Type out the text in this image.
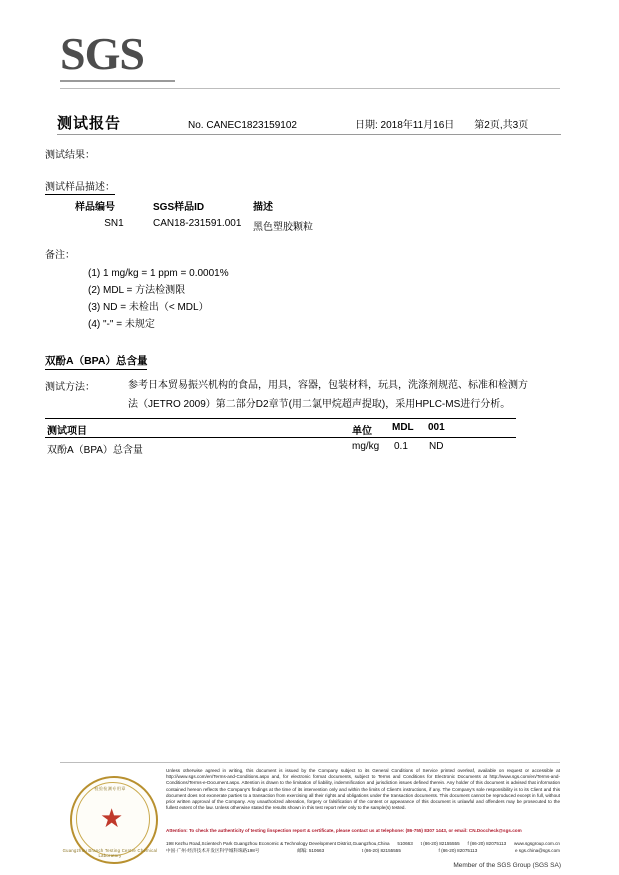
SGS
测试报告	No. CANEC1823159102	日期: 2018年11月16日 第2页,共3页
测试结果：
测试样品描述：
样品编号	SGS样品ID	描述
SN1	CAN18-231591.001	黑色塑胶颗粒
备注：
(1) 1 mg/kg = 1 ppm = 0.0001%
(2) MDL = 方法检测限
(3) ND = 未检出（< MDL）
(4) "-" = 未规定
双酚A（BPA）总含量
测试方法：	参考日本贸易振兴机构的食品，用具，容器，包装材料，玩具，洗涤剂规范、标准和检测方
法（JETRO 2009）第二部分D2章节(用二氯甲烷超声提取)，采用HPLC-MS进行分析。
测试项目	单位 MDL 001
双酚A（BPA）总含量	mg/kg 0.1 ND
校验检测专用章
★
Guangzhou Branch Testing Centre Chemical Laboratory
Unless otherwise agreed in writing, this document is issued by the Company subject to its General Conditions of Service printed overleaf, available on request or accessible at http://www.sgs.com/en/Terms-and-Conditions.aspx and, for electronic format documents, subject to Terms and Conditions for Electronic Documents at http://www.sgs.com/en/Terms-and-Conditions/Terms-e-Document.aspx. Attention is drawn to the limitation of liability, indemnification and jurisdiction issues defined therein. Any holder of this document is advised that information contained hereon reflects the Company's findings at the time of its intervention only and within the limits of Client's instructions, if any. The Company's sole responsibility is to its Client and this document does not exonerate parties to a transaction from exercising all their rights and obligations under the transaction documents. This document cannot be reproduced except in full, without prior written approval of the Company. Any unauthorized alteration, forgery or falsification of the content or appearance of this document is unlawful and offenders may be prosecuted to the fullest extent of the law. Unless otherwise stated the results shown in this test report refer only to the sample(s) tested.
Attention: To check the authenticity of testing /inspection report & certificate, please contact us at telephone: (86-755) 8307 1443, or email: CN.Doccheck@sgs.com
198 Kezhu Road,Scientech Park Guangzhou Economic & Technology Development District,Guangzhou,China 510663 t (86-20) 82155555 f (86-20) 82075113 www.sgsgroup.com.cn
中国·广州·经济技术开发区科学城科珠路198号	邮编: 510663	t (86-20) 82155555	f (86-20) 82075113	e sgs.china@sgs.com
Member of the SGS Group (SGS SA)
